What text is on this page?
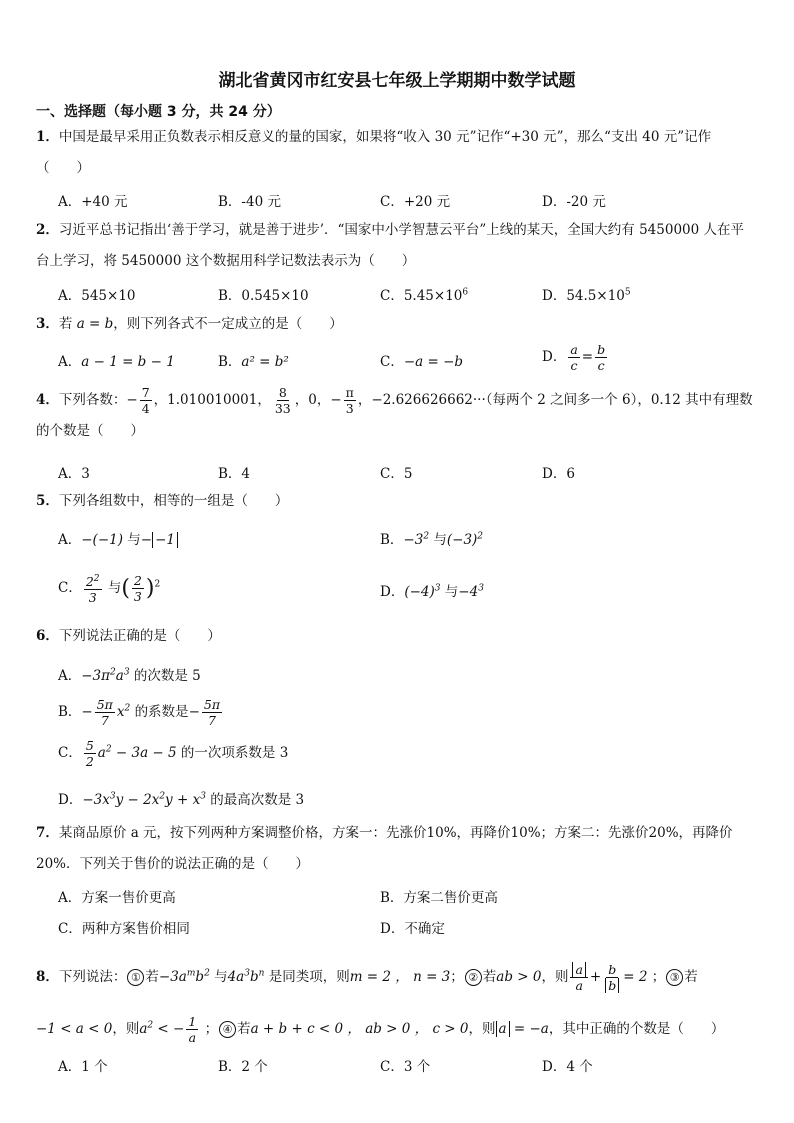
湖北省黄冈市红安县七年级上学期期中数学试题
一、选择题（每小题 3 分，共 24 分）
1．中国是最早采用正负数表示相反意义的量的国家，如果将“收入 30 元”记作“+30 元”，那么“支出 40 元”记作（　　）
A．+40 元	B．-40 元	C．+20 元	D．-20 元
2．习近平总书记指出‘善于学习，就是善于进步’．“国家中小学智慧云平台”上线的某天，全国大约有 5450000 人在平台上学习，将 5450000 这个数据用科学记数法表示为（　　）
A．545×10	B．0.545×10	C．$5.45\times 10^6$	D．$54.5\times 10^5$
3．若 a = b，则下列各式不一定成立的是（　　）
A．a − 1 = b − 1	B．a² = b²	C．−a = −b	D． $\frac{a}{c} = \frac{b}{c}$
4．下列各数：− $\frac{7}{4}$ ，1.010010001， $\frac{8}{33}$ ，0，− $\frac{\pi}{3}$ ，−2.626626662···（每两个 2 之间多一个 6），0.12 其中有理数的个数是（　　）
A．3	B．4	C．5	D．6
5．下列各组数中，相等的一组是（　　）
A．−(−1) 与− −1	B．$-3^2$ 与$(-3)^2$
C． $\frac{2^2}{3}$ 与( $\frac{2}{3} )^2$	D．$(-4)^3$ 与$-4^3$
6．下列说法正确的是（　　）
A．$-3\pi^2a^3$ 的次数是 5
B．− $\frac{5\pi}{7} x^2$ 的系数是− $\frac{5\pi}{7}$
C． $\frac{5}{2} a^2 - 3a - 5$ 的一次项系数是 3
D．$-3x^3y - 2x^2y + x^3$ 的最高次数是 3
7．某商品原价 a 元，按下列两种方案调整价格，方案一：先涨价10%，再降价10%；方案二：先涨价20%，再降价20%．下列关于售价的说法正确的是（　　）
A．方案一售价更高	B．方案二售价更高
C．两种方案售价相同	D．不确定
8．下列说法： ① 若$-3a^mb^2$ 与$4a^3b^n$ 是同类项，则m = 2 ， n = 3； ② 若ab > 0，则 $\frac{a}{a} + \frac{b}{b} = 2$ ； ③ 若
−1 < a < 0，则$a^2$ < − $\frac{1}{a}$ ； ④ 若a + b + c < 0 ， ab > 0 ， c > 0，则 a = −a，其中正确的个数是（　　）
A．1 个	B．2 个	C．3 个	D．4 个
